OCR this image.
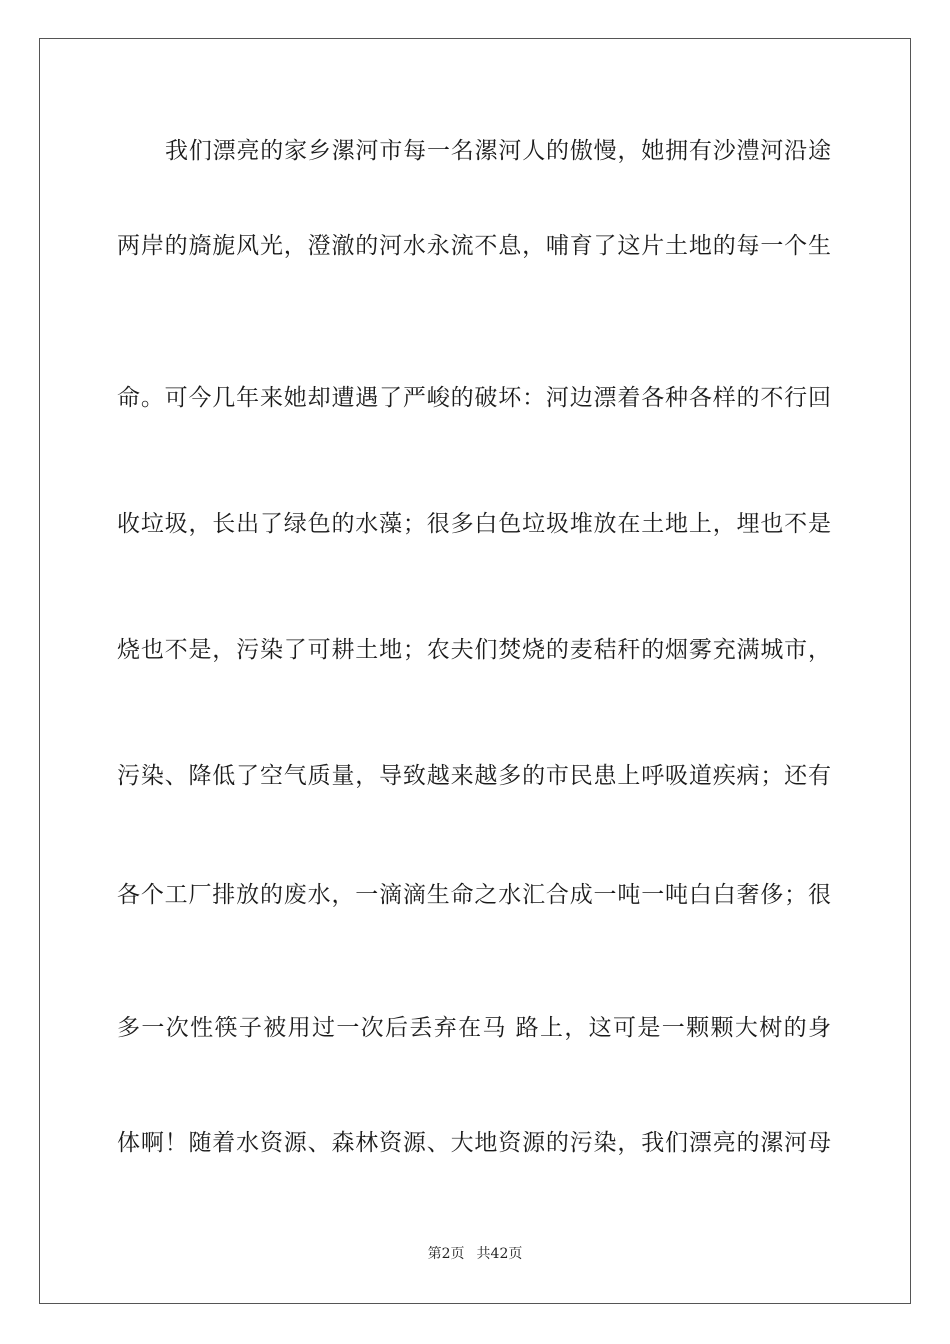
我们漂亮的家乡漯河市每一名漯河人的傲慢，她拥有沙澧河沿途
两岸的旖旎风光，澄澈的河水永流不息，哺育了这片土地的每一个生
命。可今几年来她却遭遇了严峻的破坏：河边漂着各种各样的不行回
收垃圾，长出了绿色的水藻；很多白色垃圾堆放在土地上，埋也不是
烧也不是，污染了可耕土地；农夫们焚烧的麦秸秆的烟雾充满城市，
污染、降低了空气质量，导致越来越多的市民患上呼吸道疾病；还有
各个工厂排放的废水，一滴滴生命之水汇合成一吨一吨白白奢侈；很
多一次性筷子被用过一次后丢弃在马 路上，这可是一颗颗大树的身
体啊！随着水资源、森林资源、大地资源的污染，我们漂亮的漯河母
第2页 共42页
